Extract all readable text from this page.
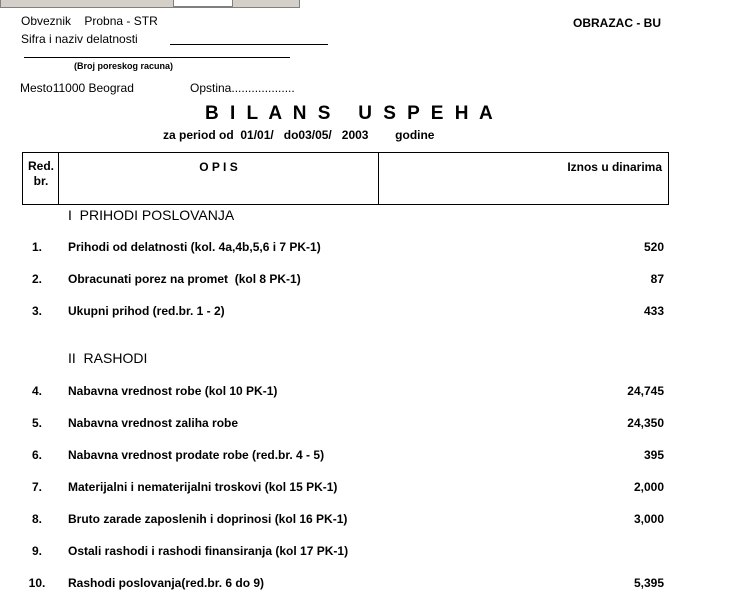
Obveznik Probna - STR	OBRAZAC - BU
Sifra i naziv delatnosti
(Broj poreskog racuna)
Mesto11000 Beograd	Opstina...................
B I L A N S   U S P E H A
za period od 01/01/ do03/05/ 2003 godine
Red.
br.
O P I S	Iznos u dinarima
I  PRIHODI POSLOVANJA
1.	Prihodi od delatnosti (kol. 4a,4b,5,6 i 7 PK-1)	520
2.	Obracunati porez na promet  (kol 8 PK-1)	87
3.	Ukupni prihod (red.br. 1 - 2)	433
II  RASHODI
4.	Nabavna vrednost robe (kol 10 PK-1)	24,745
5.	Nabavna vrednost zaliha robe	24,350
6.	Nabavna vrednost prodate robe (red.br. 4 - 5)	395
7.	Materijalni i nematerijalni troskovi (kol 15 PK-1)	2,000
8.	Bruto zarade zaposlenih i doprinosi (kol 16 PK-1)	3,000
9.	Ostali rashodi i rashodi finansiranja (kol 17 PK-1)
10.	Rashodi poslovanja(red.br. 6 do 9)	5,395
